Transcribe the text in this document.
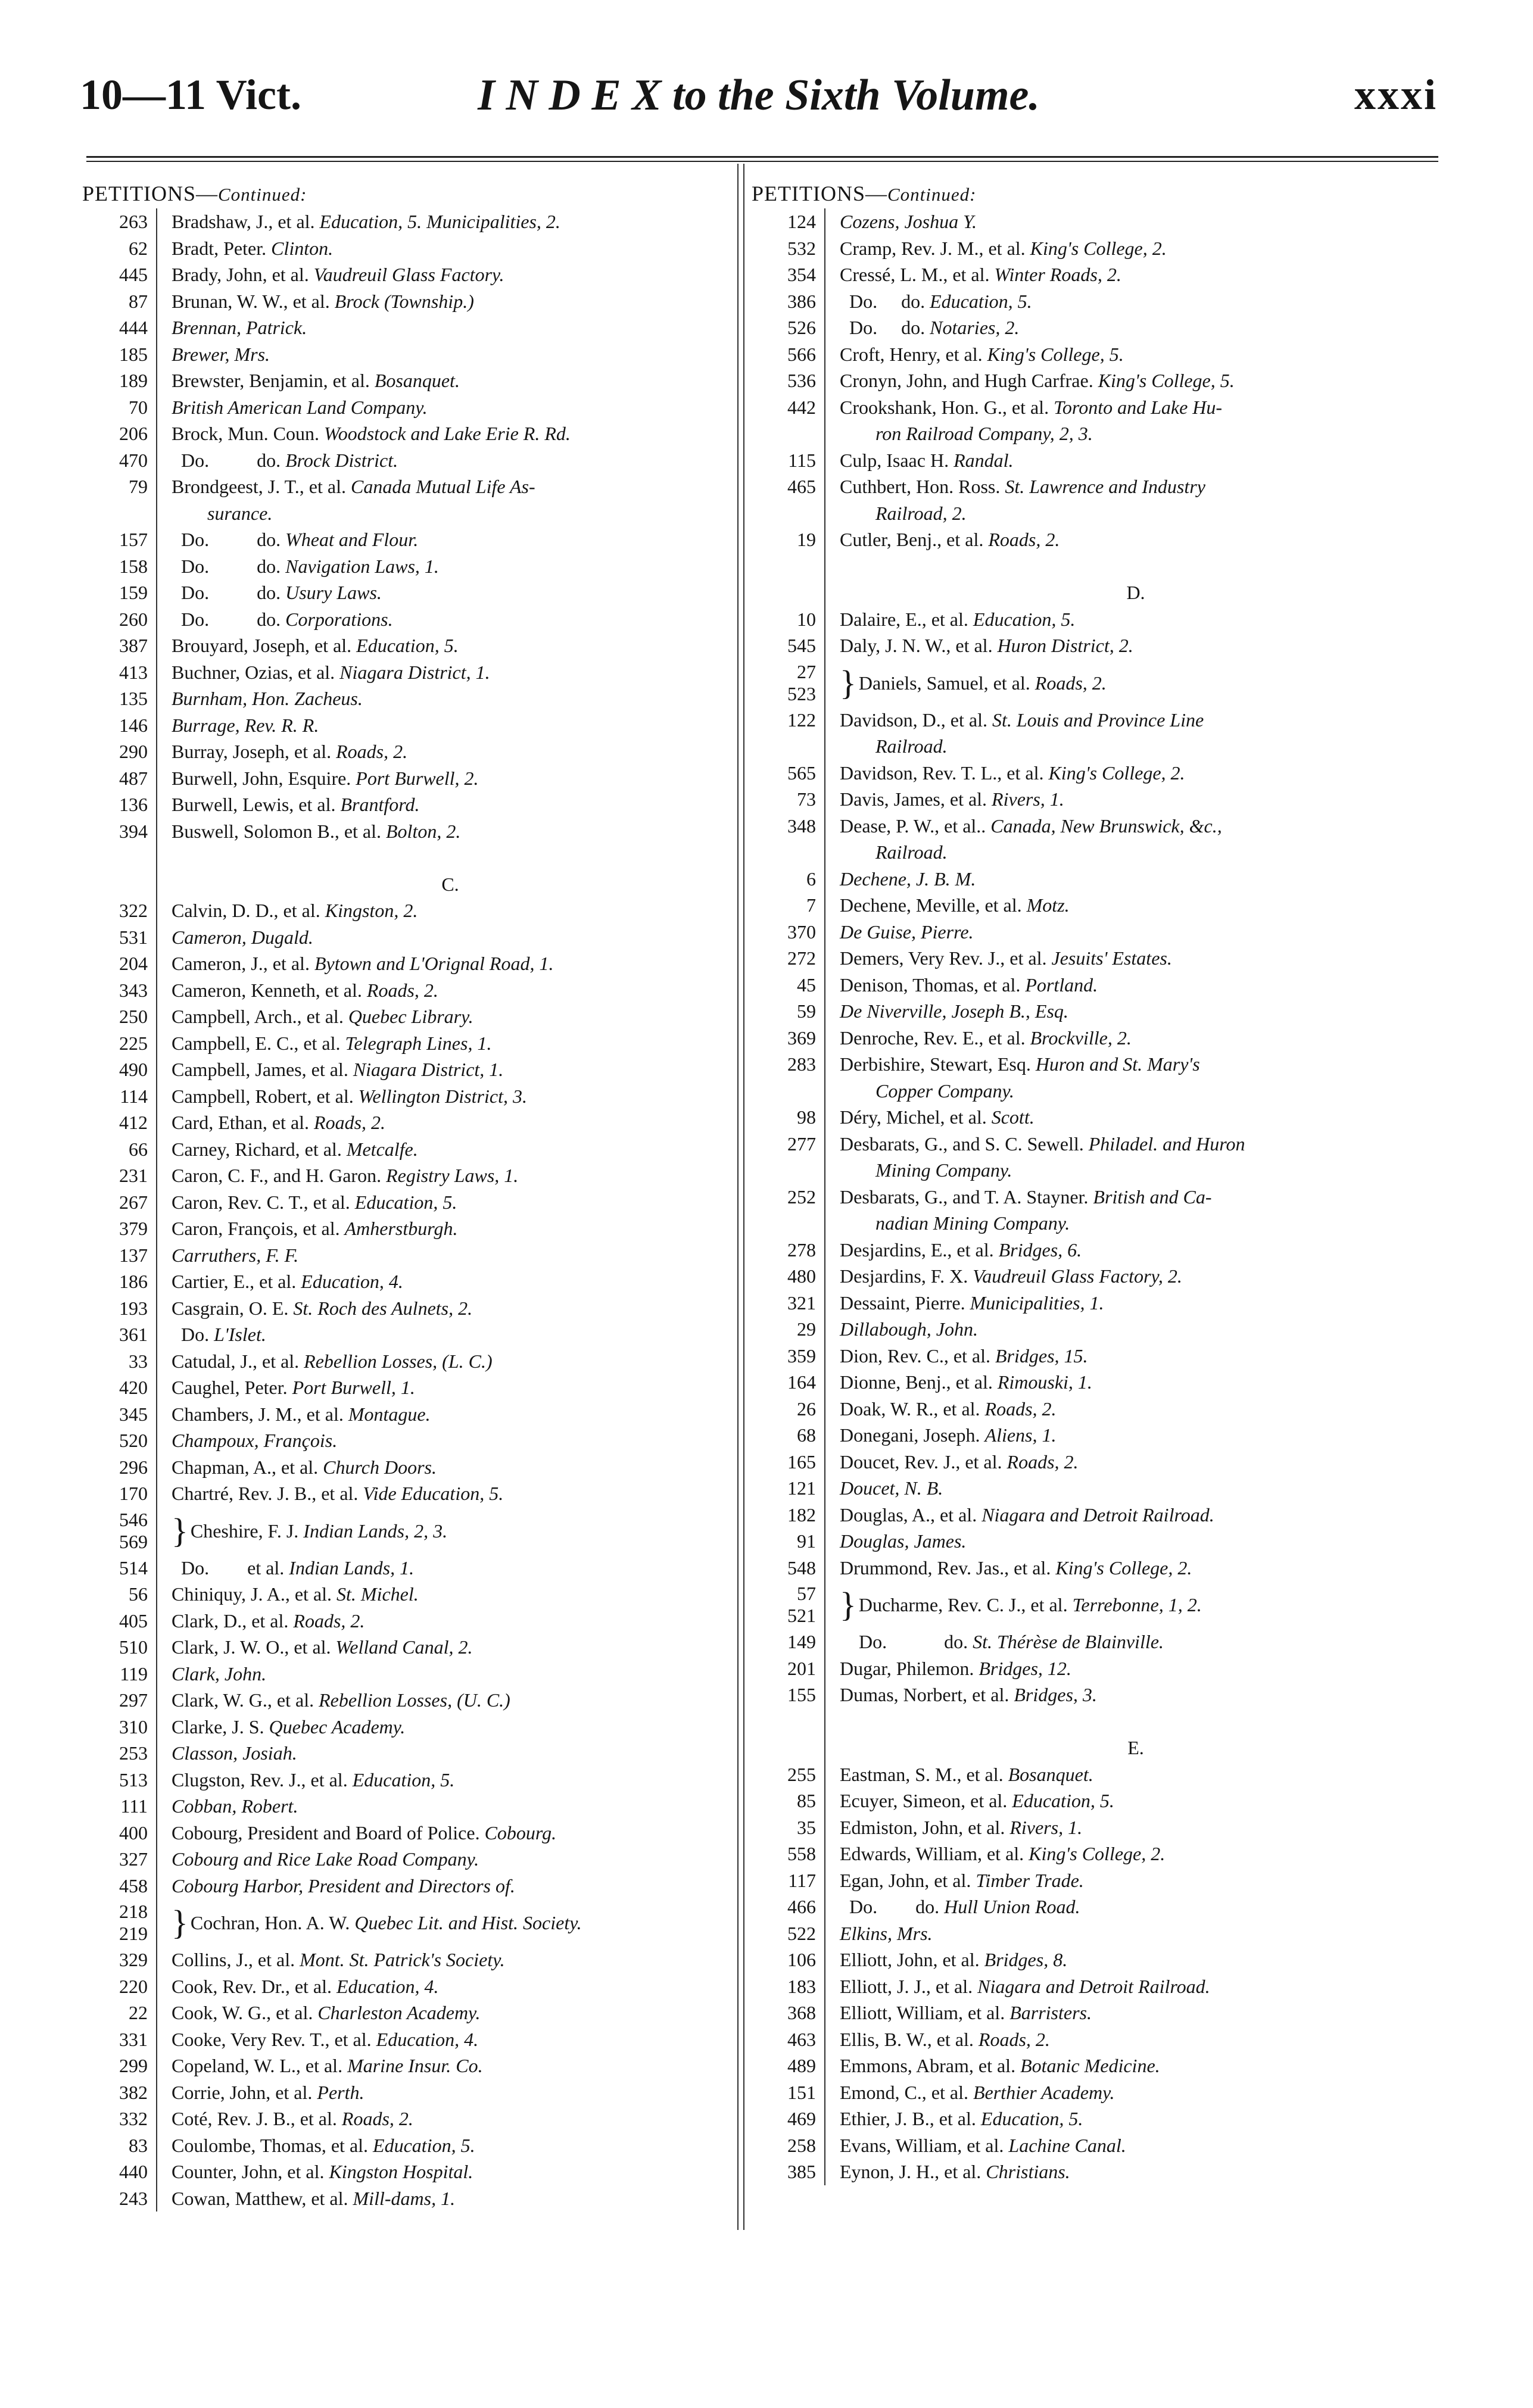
10—11 Vict.	I N D E X to the Sixth Volume.	xxxi
PETITIONS—Continued:
263	Bradshaw, J., et al. Education, 5. Municipalities, 2.
62	Bradt, Peter. Clinton.
445	Brady, John, et al. Vaudreuil Glass Factory.
87	Brunan, W. W., et al. Brock (Township.)
444	Brennan, Patrick.
185	Brewer, Mrs.
189	Brewster, Benjamin, et al. Bosanquet.
70	British American Land Company.
206	Brock, Mun. Coun. Woodstock and Lake Erie R. Rd.
470	Do.          do. Brock District.
79	Brondgeest, J. T., et al. Canada Mutual Life As-
surance.
157	Do.          do. Wheat and Flour.
158	Do.          do. Navigation Laws, 1.
159	Do.          do. Usury Laws.
260	Do.          do. Corporations.
387	Brouyard, Joseph, et al. Education, 5.
413	Buchner, Ozias, et al. Niagara District, 1.
135	Burnham, Hon. Zacheus.
146	Burrage, Rev. R. R.
290	Burray, Joseph, et al. Roads, 2.
487	Burwell, John, Esquire. Port Burwell, 2.
136	Burwell, Lewis, et al. Brantford.
394	Buswell, Solomon B., et al. Bolton, 2.
C.
322	Calvin, D. D., et al. Kingston, 2.
531	Cameron, Dugald.
204	Cameron, J., et al. Bytown and L'Orignal Road, 1.
343	Cameron, Kenneth, et al. Roads, 2.
250	Campbell, Arch., et al. Quebec Library.
225	Campbell, E. C., et al. Telegraph Lines, 1.
490	Campbell, James, et al. Niagara District, 1.
114	Campbell, Robert, et al. Wellington District, 3.
412	Card, Ethan, et al. Roads, 2.
66	Carney, Richard, et al. Metcalfe.
231	Caron, C. F., and H. Garon. Registry Laws, 1.
267	Caron, Rev. C. T., et al. Education, 5.
379	Caron, François, et al. Amherstburgh.
137	Carruthers, F. F.
186	Cartier, E., et al. Education, 4.
193	Casgrain, O. E. St. Roch des Aulnets, 2.
361	Do. L'Islet.
33	Catudal, J., et al. Rebellion Losses, (L. C.)
420	Caughel, Peter. Port Burwell, 1.
345	Chambers, J. M., et al. Montague.
520	Champoux, François.
296	Chapman, A., et al. Church Doors.
170	Chartré, Rev. J. B., et al. Vide Education, 5.
546
569 } Cheshire, F. J. Indian Lands, 2, 3.
514	Do.        et al. Indian Lands, 1.
56	Chiniquy, J. A., et al. St. Michel.
405	Clark, D., et al. Roads, 2.
510	Clark, J. W. O., et al. Welland Canal, 2.
119	Clark, John.
297	Clark, W. G., et al. Rebellion Losses, (U. C.)
310	Clarke, J. S. Quebec Academy.
253	Classon, Josiah.
513	Clugston, Rev. J., et al. Education, 5.
111	Cobban, Robert.
400	Cobourg, President and Board of Police. Cobourg.
327	Cobourg and Rice Lake Road Company.
458	Cobourg Harbor, President and Directors of.
218
219 } Cochran, Hon. A. W. Quebec Lit. and Hist. Society.
329	Collins, J., et al. Mont. St. Patrick's Society.
220	Cook, Rev. Dr., et al. Education, 4.
22	Cook, W. G., et al. Charleston Academy.
331	Cooke, Very Rev. T., et al. Education, 4.
299	Copeland, W. L., et al. Marine Insur. Co.
382	Corrie, John, et al. Perth.
332	Coté, Rev. J. B., et al. Roads, 2.
83	Coulombe, Thomas, et al. Education, 5.
440	Counter, John, et al. Kingston Hospital.
243	Cowan, Matthew, et al. Mill-dams, 1.
PETITIONS—Continued:
124	Cozens, Joshua Y.
532	Cramp, Rev. J. M., et al. King's College, 2.
354	Cressé, L. M., et al. Winter Roads, 2.
386	Do.     do. Education, 5.
526	Do.     do. Notaries, 2.
566	Croft, Henry, et al. King's College, 5.
536	Cronyn, John, and Hugh Carfrae. King's College, 5.
442	Crookshank, Hon. G., et al. Toronto and Lake Hu-
ron Railroad Company, 2, 3.
115	Culp, Isaac H. Randal.
465	Cuthbert, Hon. Ross. St. Lawrence and Industry
Railroad, 2.
19	Cutler, Benj., et al. Roads, 2.
D.
10	Dalaire, E., et al. Education, 5.
545	Daly, J. N. W., et al. Huron District, 2.
27
523 } Daniels, Samuel, et al. Roads, 2.
122	Davidson, D., et al. St. Louis and Province Line
Railroad.
565	Davidson, Rev. T. L., et al. King's College, 2.
73	Davis, James, et al. Rivers, 1.
348	Dease, P. W., et al.. Canada, New Brunswick, &c.,
Railroad.
6	Dechene, J. B. M.
7	Dechene, Meville, et al. Motz.
370	De Guise, Pierre.
272	Demers, Very Rev. J., et al. Jesuits' Estates.
45	Denison, Thomas, et al. Portland.
59	De Niverville, Joseph B., Esq.
369	Denroche, Rev. E., et al. Brockville, 2.
283	Derbishire, Stewart, Esq. Huron and St. Mary's
Copper Company.
98	Déry, Michel, et al. Scott.
277	Desbarats, G., and S. C. Sewell. Philadel. and Huron
Mining Company.
252	Desbarats, G., and T. A. Stayner. British and Ca-
nadian Mining Company.
278	Desjardins, E., et al. Bridges, 6.
480	Desjardins, F. X. Vaudreuil Glass Factory, 2.
321	Dessaint, Pierre. Municipalities, 1.
29	Dillabough, John.
359	Dion, Rev. C., et al. Bridges, 15.
164	Dionne, Benj., et al. Rimouski, 1.
26	Doak, W. R., et al. Roads, 2.
68	Donegani, Joseph. Aliens, 1.
165	Doucet, Rev. J., et al. Roads, 2.
121	Doucet, N. B.
182	Douglas, A., et al. Niagara and Detroit Railroad.
91	Douglas, James.
548	Drummond, Rev. Jas., et al. King's College, 2.
57
521 } Ducharme, Rev. C. J., et al. Terrebonne, 1, 2.
149	Do.            do. St. Thérèse de Blainville.
201	Dugar, Philemon. Bridges, 12.
155	Dumas, Norbert, et al. Bridges, 3.
E.
255	Eastman, S. M., et al. Bosanquet.
85	Ecuyer, Simeon, et al. Education, 5.
35	Edmiston, John, et al. Rivers, 1.
558	Edwards, William, et al. King's College, 2.
117	Egan, John, et al. Timber Trade.
466	Do.        do. Hull Union Road.
522	Elkins, Mrs.
106	Elliott, John, et al. Bridges, 8.
183	Elliott, J. J., et al. Niagara and Detroit Railroad.
368	Elliott, William, et al. Barristers.
463	Ellis, B. W., et al. Roads, 2.
489	Emmons, Abram, et al. Botanic Medicine.
151	Emond, C., et al. Berthier Academy.
469	Ethier, J. B., et al. Education, 5.
258	Evans, William, et al. Lachine Canal.
385	Eynon, J. H., et al. Christians.
